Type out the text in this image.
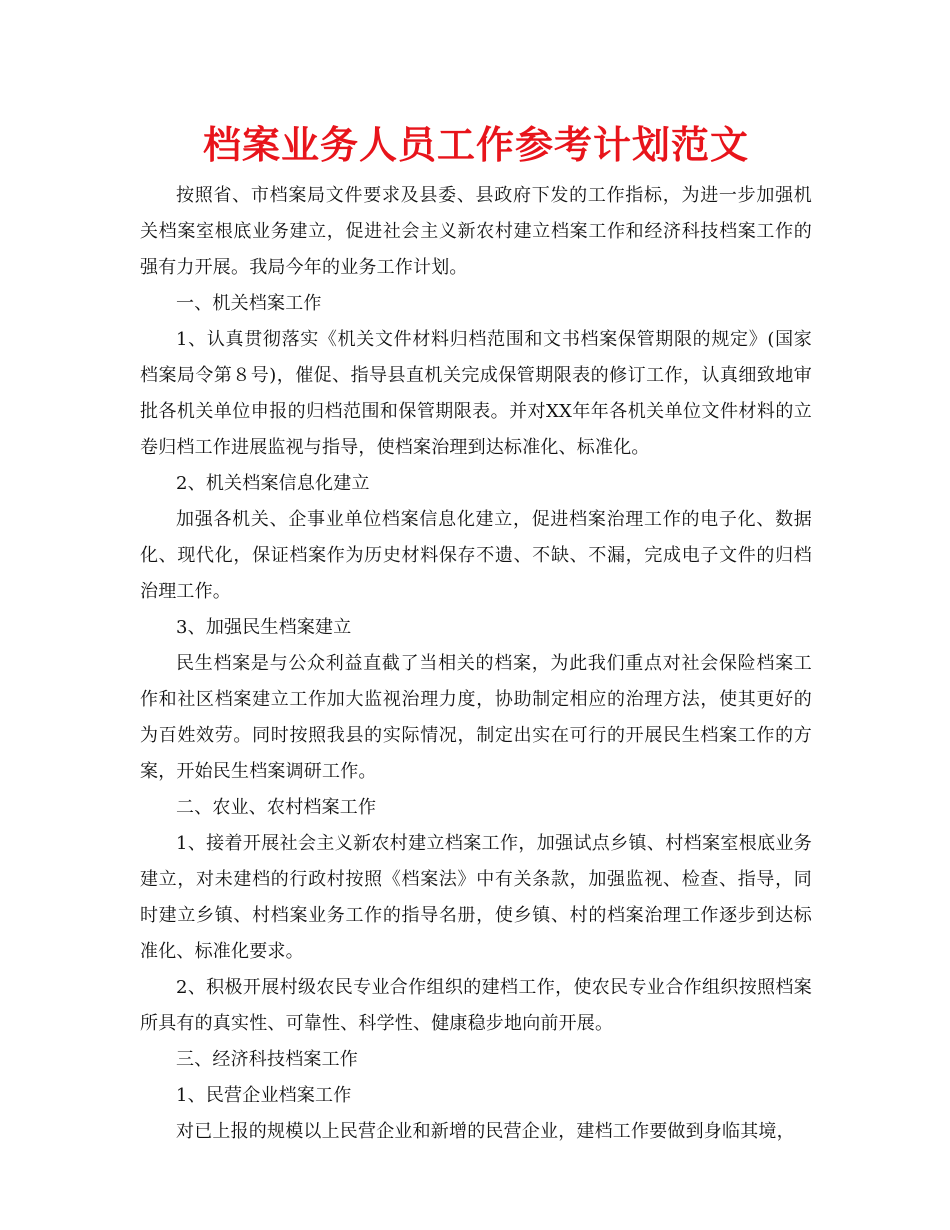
档案业务人员工作参考计划范文

按照省、市档案局文件要求及县委、县政府下发的工作指标，为进一步加强机关档案室根底业务建立，促进社会主义新农村建立档案工作和经济科技档案工作的强有力开展。我局今年的业务工作计划。

一、机关档案工作

1、认真贯彻落实《机关文件材料归档范围和文书档案保管期限的规定》(国家档案局令第８号)，催促、指导县直机关完成保管期限表的修订工作，认真细致地审批各机关单位申报的归档范围和保管期限表。并对XX年年各机关单位文件材料的立卷归档工作进展监视与指导，使档案治理到达标准化、标准化。

2、机关档案信息化建立

加强各机关、企事业单位档案信息化建立，促进档案治理工作的电子化、数据化、现代化，保证档案作为历史材料保存不遗、不缺、不漏，完成电子文件的归档治理工作。

3、加强民生档案建立

民生档案是与公众利益直截了当相关的档案，为此我们重点对社会保险档案工作和社区档案建立工作加大监视治理力度，协助制定相应的治理方法，使其更好的为百姓效劳。同时按照我县的实际情况，制定出实在可行的开展民生档案工作的方案，开始民生档案调研工作。

二、农业、农村档案工作

1、接着开展社会主义新农村建立档案工作，加强试点乡镇、村档案室根底业务建立，对未建档的行政村按照《档案法》中有关条款，加强监视、检查、指导，同时建立乡镇、村档案业务工作的指导名册，使乡镇、村的档案治理工作逐步到达标准化、标准化要求。

2、积极开展村级农民专业合作组织的建档工作，使农民专业合作组织按照档案所具有的真实性、可靠性、科学性、健康稳步地向前开展。

三、经济科技档案工作

1、民营企业档案工作

对已上报的规模以上民营企业和新增的民营企业，建档工作要做到身临其境，
